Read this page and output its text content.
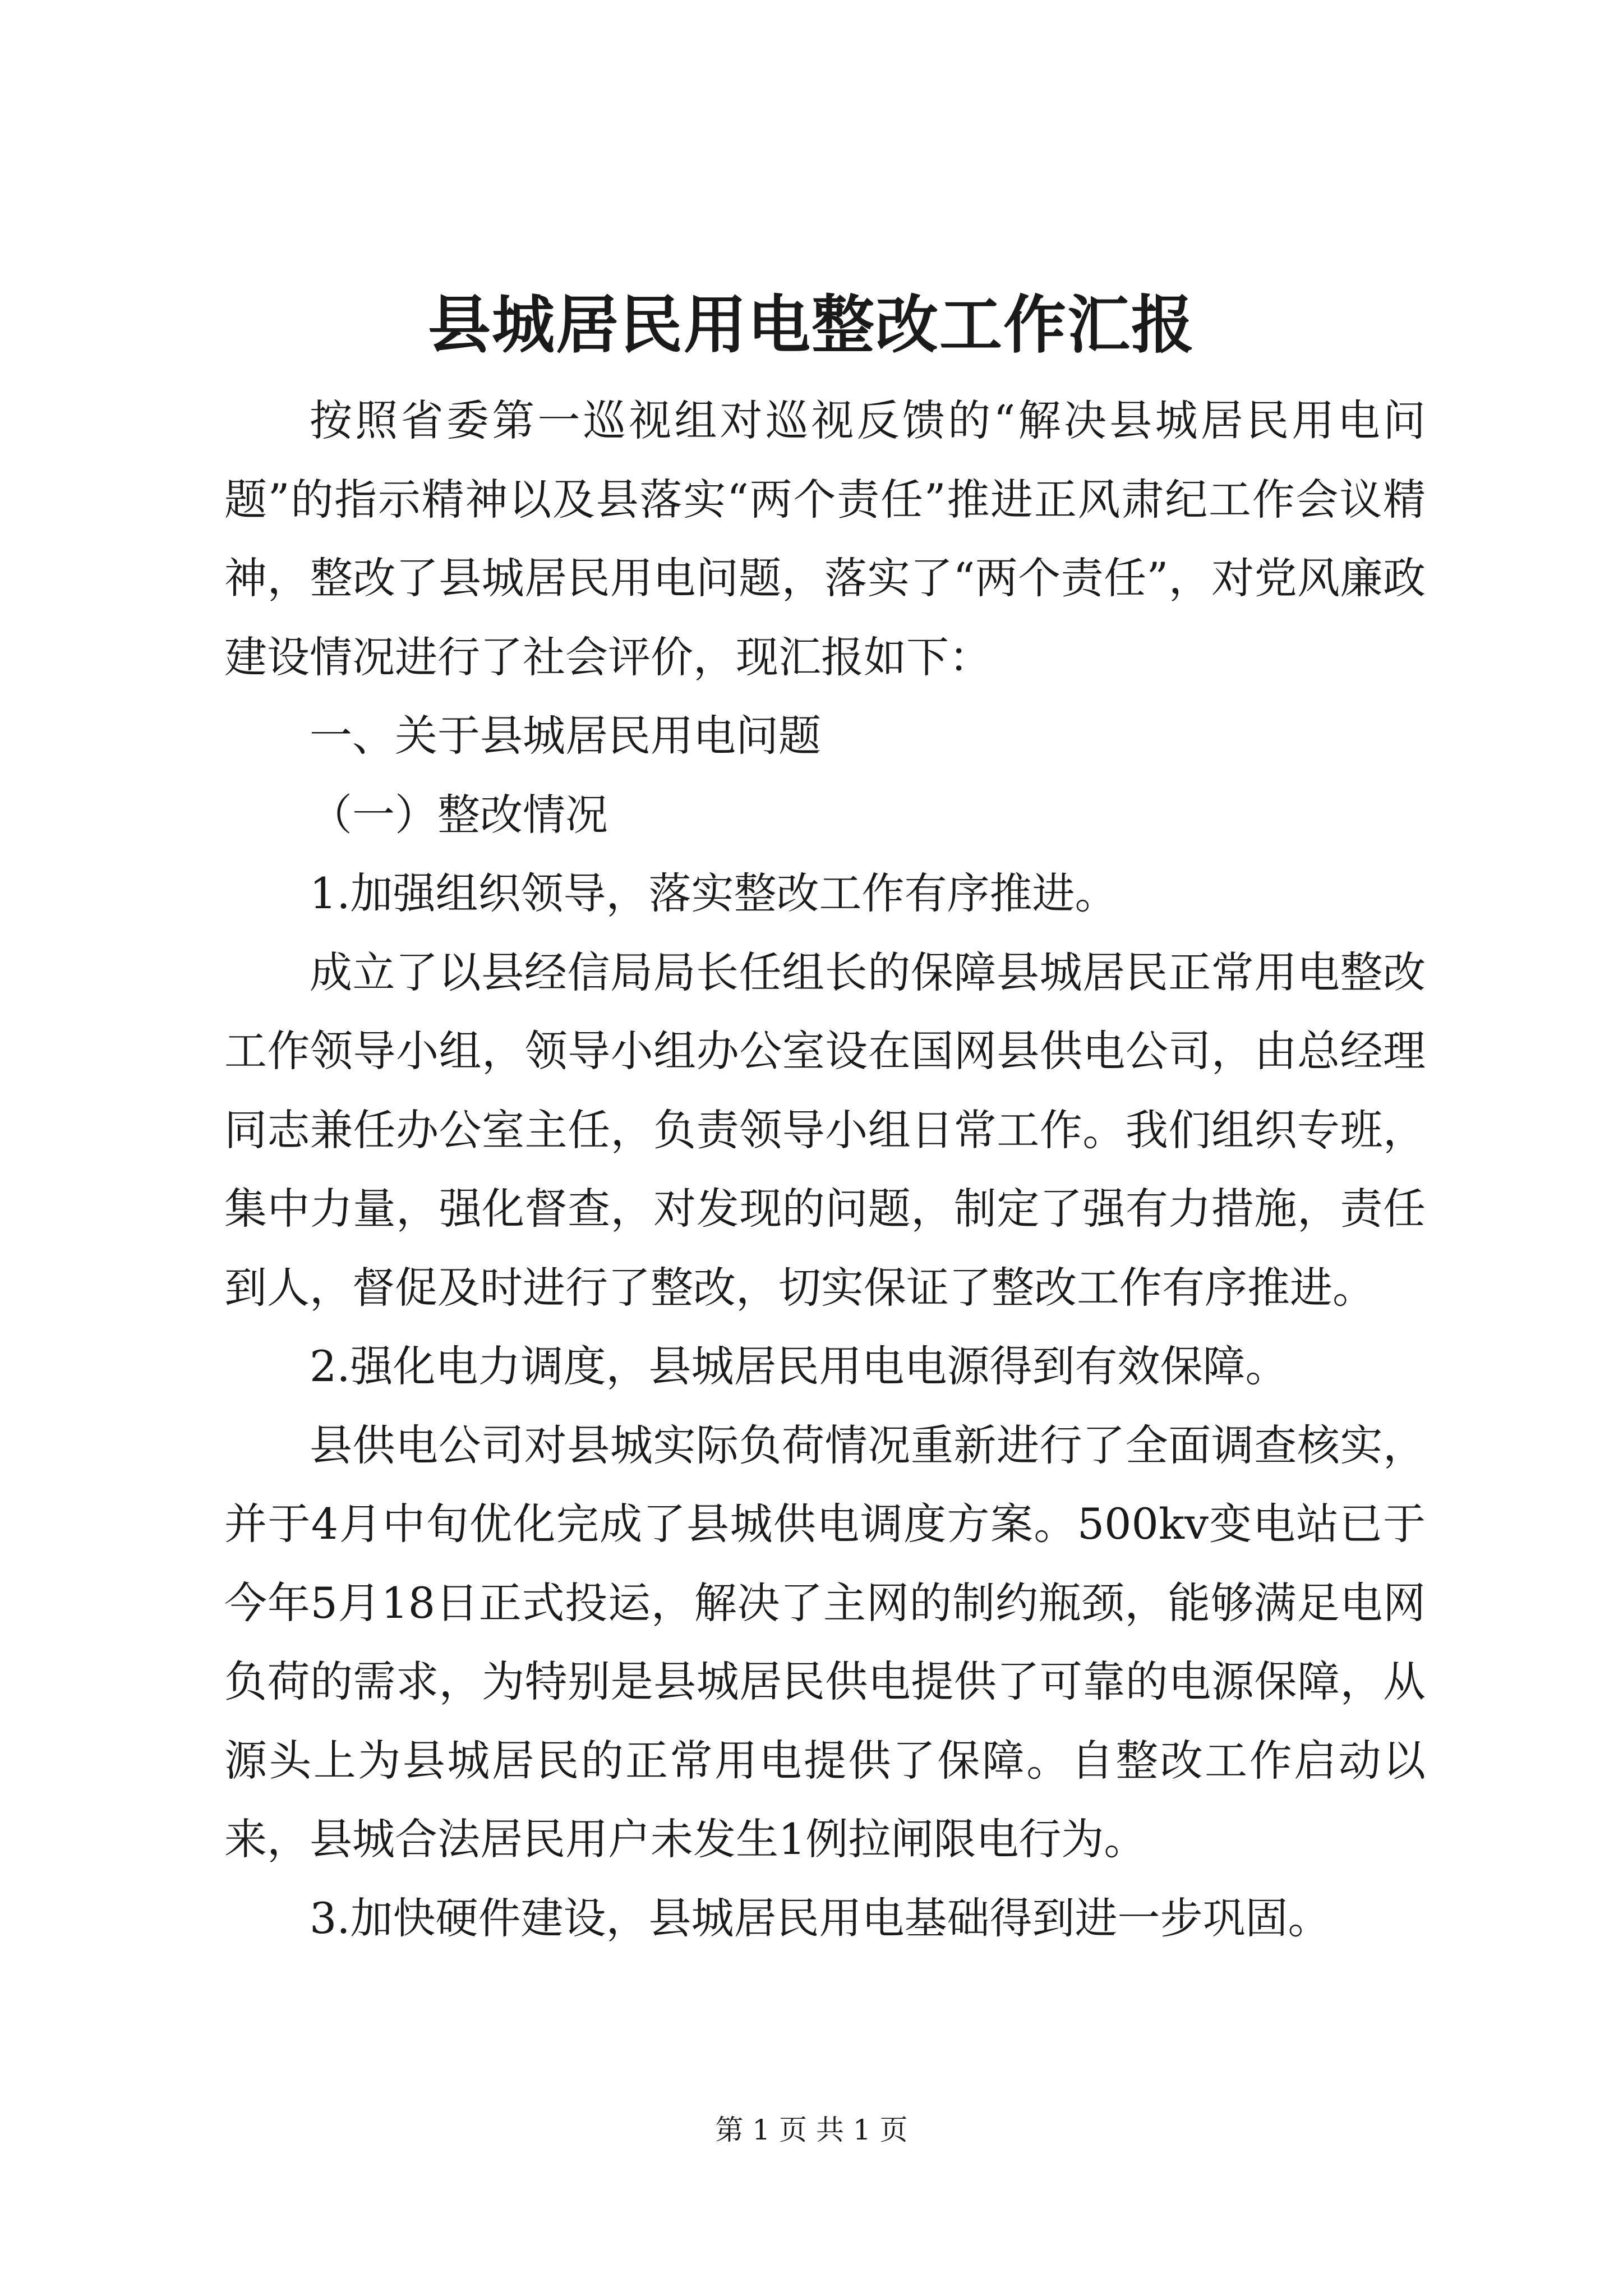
县城居民用电整改工作汇报

按照省委第一巡视组对巡视反馈的“解决县城居民用电问题”的指示精神以及县落实“两个责任”推进正风肃纪工作会议精神，整改了县城居民用电问题，落实了“两个责任”，对党风廉政建设情况进行了社会评价，现汇报如下：

一、关于县城居民用电问题

（一）整改情况

1.加强组织领导，落实整改工作有序推进。

成立了以县经信局局长任组长的保障县城居民正常用电整改工作领导小组，领导小组办公室设在国网县供电公司，由总经理同志兼任办公室主任，负责领导小组日常工作。我们组织专班，集中力量，强化督查，对发现的问题，制定了强有力措施，责任到人，督促及时进行了整改，切实保证了整改工作有序推进。

2.强化电力调度，县城居民用电电源得到有效保障。

县供电公司对县城实际负荷情况重新进行了全面调查核实，并于4月中旬优化完成了县城供电调度方案。500kv变电站已于今年5月18日正式投运，解决了主网的制约瓶颈，能够满足电网负荷的需求，为特别是县城居民供电提供了可靠的电源保障，从源头上为县城居民的正常用电提供了保障。自整改工作启动以来，县城合法居民用户未发生1例拉闸限电行为。

3.加快硬件建设，县城居民用电基础得到进一步巩固。

第 1 页 共 1 页
